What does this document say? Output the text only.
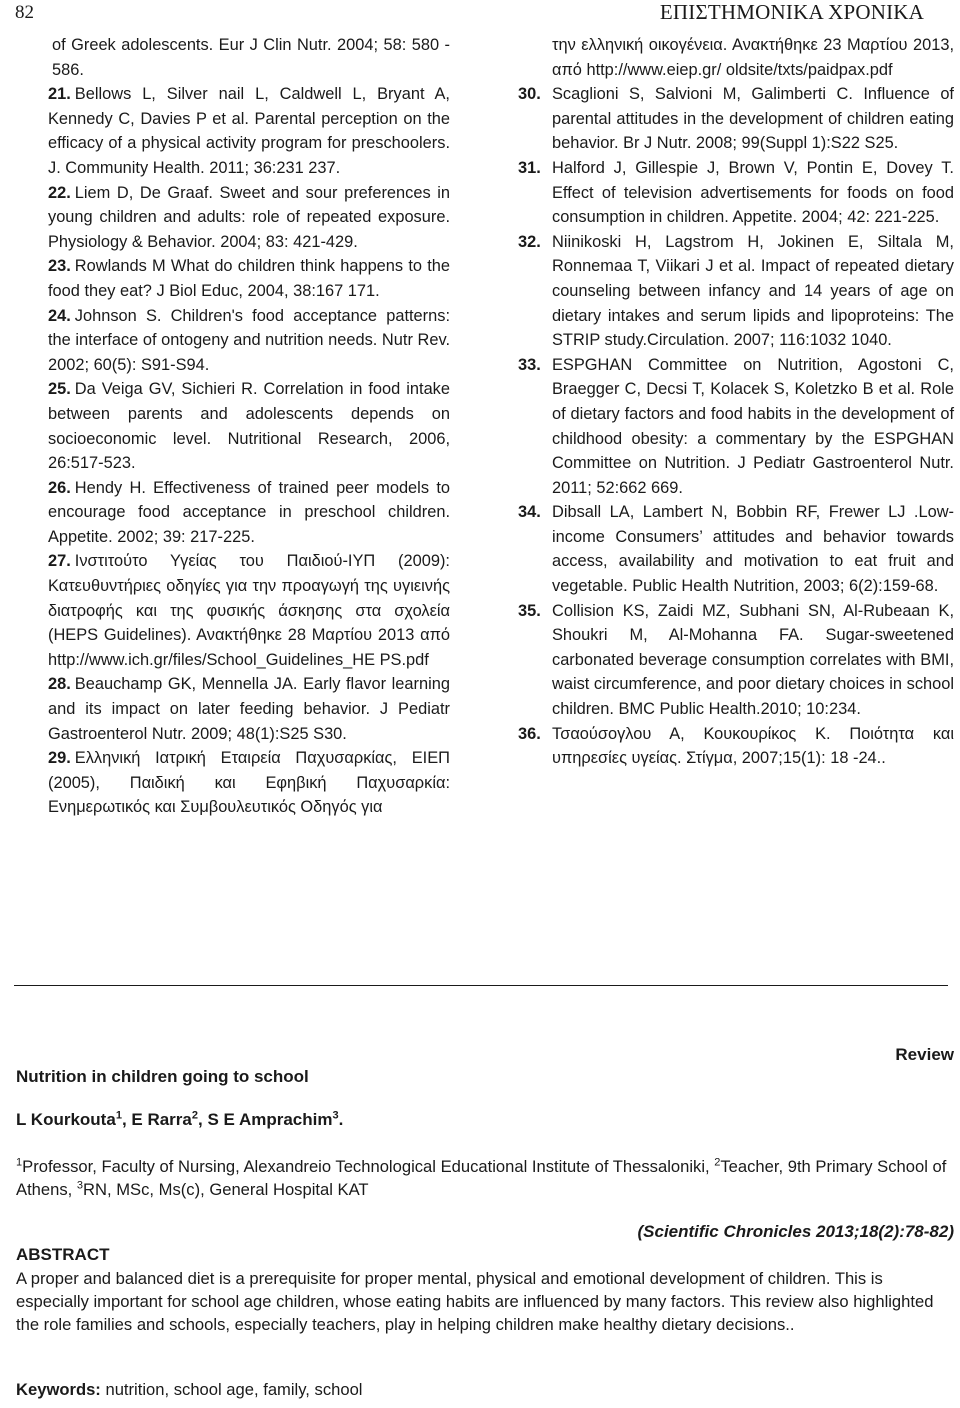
82	ΕΠΙΣΤΗΜΟΝΙΚΑ ΧΡΟΝΙΚΑ
of Greek adolescents. Eur J Clin Nutr. 2004; 58: 580 - 586.
21. Bellows L, Silver nail L, Caldwell L, Bryant A, Kennedy C, Davies P et al. Parental perception on the efficacy of a physical activity program for preschoolers. J. Community Health. 2011; 36:231 237.
22. Liem D, De Graaf. Sweet and sour preferences in young children and adults: role of repeated exposure. Physiology & Behavior. 2004; 83: 421-429.
23. Rowlands M What do children think happens to the food they eat? J Biol Educ, 2004, 38:167 171.
24. Johnson S. Children's food acceptance patterns: the interface of ontogeny and nutrition needs. Nutr Rev. 2002; 60(5): S91-S94.
25. Da Veiga GV, Sichieri R. Correlation in food intake between parents and adolescents depends on socioeconomic level. Nutritional Research, 2006, 26:517-523.
26. Hendy H. Effectiveness of trained peer models to encourage food acceptance in preschool children. Appetite. 2002; 39: 217-225.
27. Ινστιτούτο Υγείας του Παιδιού-ΙΥΠ (2009): Κατευθυντήριες οδηγίες για την προαγωγή της υγιεινής διατροφής και της φυσικής άσκησης στα σχολεία (HEPS Guidelines). Ανακτήθηκε 28 Μαρτίου 2013 από http://www.ich.gr/files/School_Guidelines_HE PS.pdf
28. Beauchamp GK, Mennella JA. Early flavor learning and its impact on later feeding behavior. J Pediatr Gastroenterol Nutr. 2009; 48(1):S25 S30.
29. Ελληνική Ιατρική Εταιρεία Παχυσαρκίας, ΕΙΕΠ (2005), Παιδική και Εφηβική Παχυσαρκία: Ενημερωτικός και Συμβουλευτικός Οδηγός για
την ελληνική οικογένεια. Ανακτήθηκε 23 Μαρτίου 2013, από http://www.eiep.gr/ oldsite/txts/paidpax.pdf
30. Scaglioni S, Salvioni M, Galimberti C. Influence of parental attitudes in the development of children eating behavior. Br J Nutr. 2008; 99(Suppl 1):S22 S25.
31. Halford J, Gillespie J, Brown V, Pontin E, Dovey T. Effect of television advertisements for foods on food consumption in children. Appetite. 2004; 42: 221-225.
32. Niinikoski H, Lagstrom H, Jokinen E, Siltala M, Ronnemaa T, Viikari J et al. Impact of repeated dietary counseling between infancy and 14 years of age on dietary intakes and serum lipids and lipoproteins: The STRIP study.Circulation. 2007; 116:1032 1040.
33. ESPGHAN Committee on Nutrition, Agostoni C, Braegger C, Decsi T, Kolacek S, Koletzko B et al. Role of dietary factors and food habits in the development of childhood obesity: a commentary by the ESPGHAN Committee on Nutrition. J Pediatr Gastroenterol Nutr. 2011; 52:662 669.
34. Dibsall LA, Lambert N, Bobbin RF, Frewer LJ .Low-income Consumers’ attitudes and behavior towards access, availability and motivation to eat fruit and vegetable. Public Health Nutrition, 2003; 6(2):159-68.
35. Collision KS, Zaidi MZ, Subhani SN, Al-Rubeaan K, Shoukri M, Al-Mohanna FA. Sugar-sweetened carbonated beverage consumption correlates with BMI, waist circumference, and poor dietary choices in school children. BMC Public Health.2010; 10:234.
36. Τσαούσογλου Α, Κουκουρίκος Κ. Ποιότητα και υπηρεσίες υγείας. Στίγμα, 2007;15(1): 18 -24..
Review
Nutrition in children going to school
L Kourkouta$^1$, E Rarra$^2$, S E Amprachim$^3$.
$^1$Professor, Faculty of Nursing, Alexandreio Technological Educational Institute of Thessaloniki, $^2$Teacher, 9th Primary School of Athens, $^3$RN, MSc, Ms(c), General Hospital KAT
(Scientific Chronicles 2013;18(2):78-82)
ABSTRACT
A proper and balanced diet is a prerequisite for proper mental, physical and emotional development of children. This is especially important for school age children, whose eating habits are influenced by many factors. This review also highlighted the role families and schools, especially teachers, play in helping children make healthy dietary decisions..
Keywords: nutrition, school age, family, school
